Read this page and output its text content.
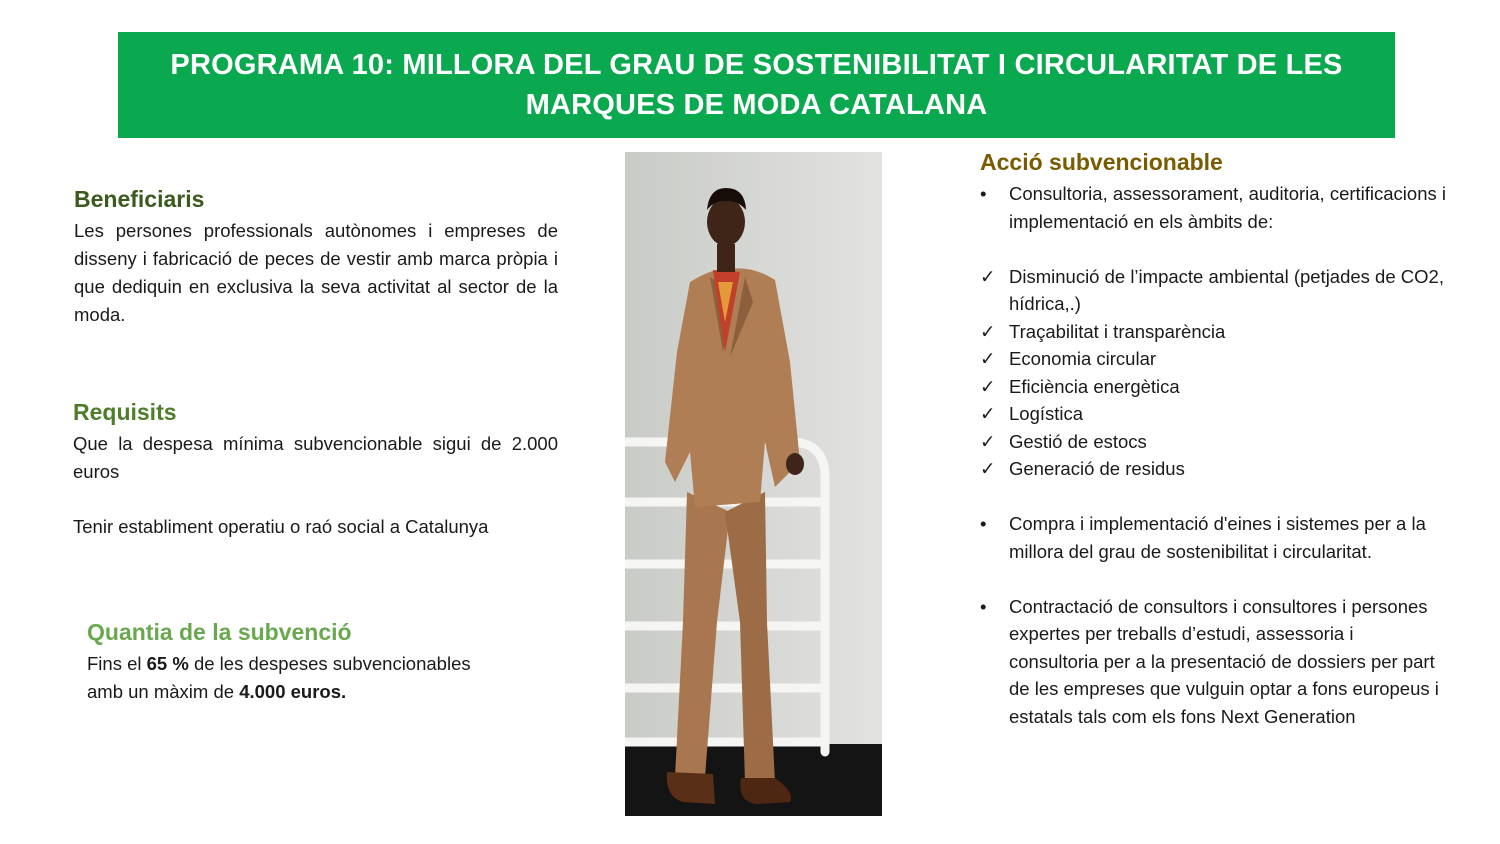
PROGRAMA 10: MILLORA DEL GRAU DE SOSTENIBILITAT I CIRCULARITAT DE LES
MARQUES DE MODA CATALANA
Beneficiaris
Les persones professionals autònomes i empreses de disseny i fabricació de peces de vestir amb marca pròpia i que dediquin en exclusiva la seva activitat al sector de la moda.
Requisits
Que la despesa mínima subvencionable sigui de 2.000 euros
Tenir establiment operatiu o raó social a Catalunya
Quantia de la subvenció
Fins el 65 % de les despeses subvencionables
amb un màxim de 4.000 euros.
Acció subvencionable
•	Consultoria, assessorament, auditoria, certificacions i implementació en els àmbits de:
✓ Disminució de l’impacte ambiental (petjades de CO2, hídrica,.)
✓ Traçabilitat i transparència
✓ Economia circular
✓ Eficiència energètica
✓ Logística
✓ Gestió de estocs
✓ Generació de residus
•	Compra i implementació d'eines i sistemes per a la millora del grau de sostenibilitat i circularitat.
•	Contractació de consultors i consultores i persones expertes per treballs d’estudi, assessoria i consultoria per a la presentació de dossiers per part de les empreses que vulguin optar a fons europeus i estatals tals com els fons Next Generation
